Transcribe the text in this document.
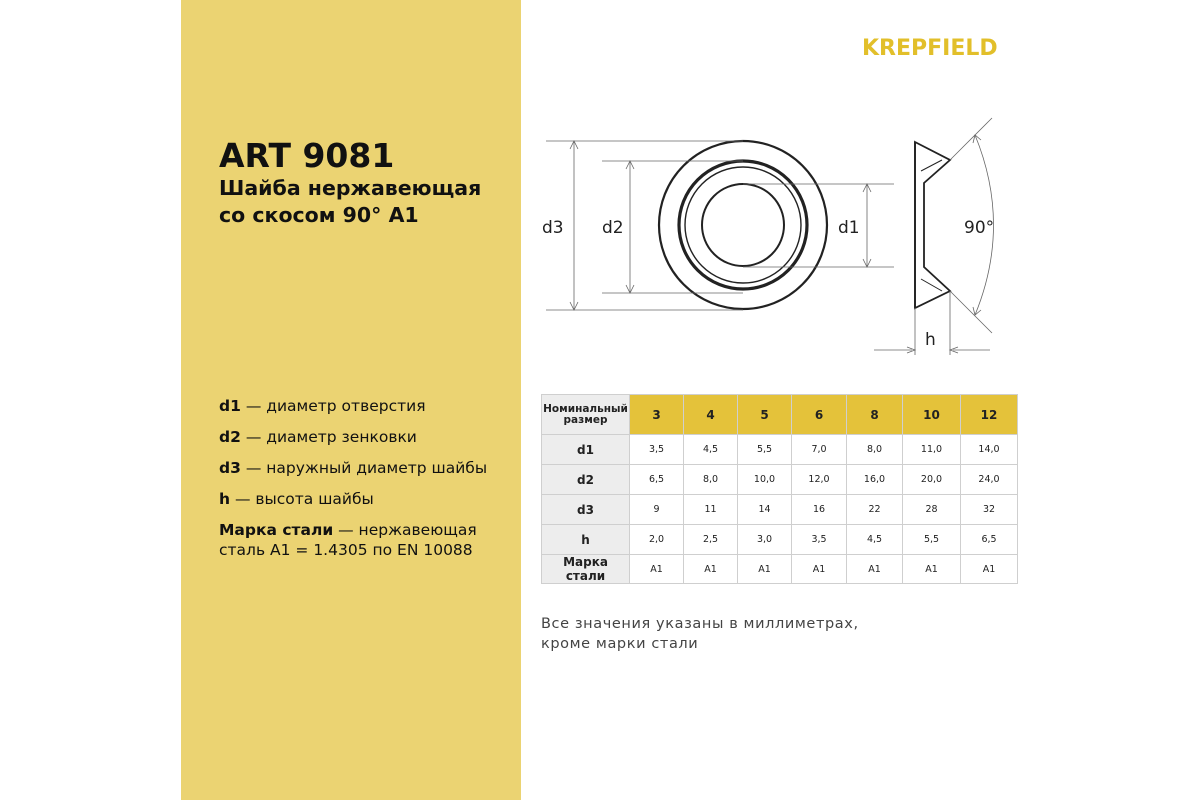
KREPFIELD
ART 9081
Шайба нержавеющая
со скосом 90° A1
d3 d2	d1	90°
h
d1 — диаметр отверстия
d2 — диаметр зенковки
d3 — наружный диаметр шайбы
h — высота шайбы
Марка стали — нержавеющая
сталь A1 = 1.4305 по EN 10088
Номинальный размер	3	4	5	6	8	10	12
d1	3,5	4,5	5,5	7,0	8,0	11,0	14,0
d2	6,5	8,0	10,0	12,0	16,0	20,0	24,0
d3	9	11	14	16	22	28	32
h	2,0	2,5	3,0	3,5	4,5	5,5	6,5
Марка стали	A1	A1	A1	A1	A1	A1	A1
Все значения указаны в миллиметрах,
кроме марки стали
